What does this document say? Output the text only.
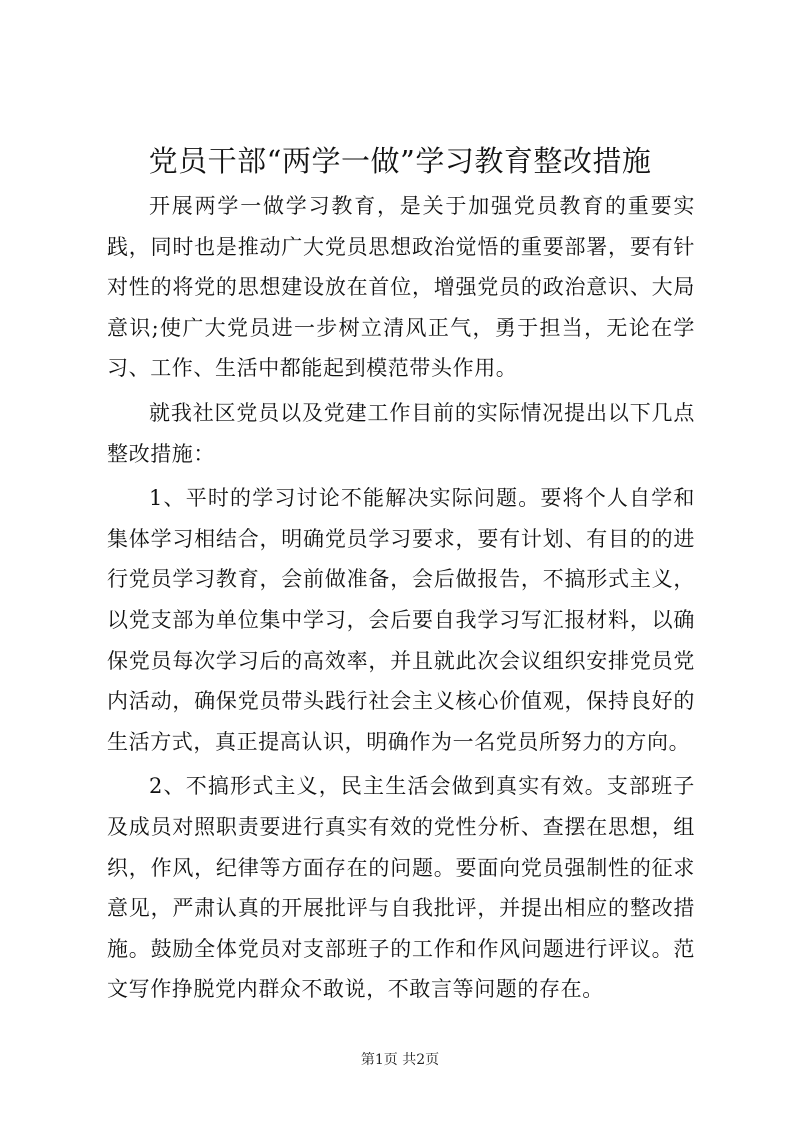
党员干部“两学一做”学习教育整改措施

开展两学一做学习教育，是关于加强党员教育的重要实践，同时也是推动广大党员思想政治觉悟的重要部署，要有针对性的将党的思想建设放在首位，增强党员的政治意识、大局意识;使广大党员进一步树立清风正气，勇于担当，无论在学习、工作、生活中都能起到模范带头作用。

就我社区党员以及党建工作目前的实际情况提出以下几点整改措施：

1、平时的学习讨论不能解决实际问题。要将个人自学和集体学习相结合，明确党员学习要求，要有计划、有目的的进行党员学习教育，会前做准备，会后做报告，不搞形式主义，以党支部为单位集中学习，会后要自我学习写汇报材料，以确保党员每次学习后的高效率，并且就此次会议组织安排党员党内活动，确保党员带头践行社会主义核心价值观，保持良好的生活方式，真正提高认识，明确作为一名党员所努力的方向。

2、不搞形式主义，民主生活会做到真实有效。支部班子及成员对照职责要进行真实有效的党性分析、查摆在思想，组织，作风，纪律等方面存在的问题。要面向党员强制性的征求意见，严肃认真的开展批评与自我批评，并提出相应的整改措施。鼓励全体党员对支部班子的工作和作风问题进行评议。范文写作挣脱党内群众不敢说，不敢言等问题的存在。

第1页 共2页
